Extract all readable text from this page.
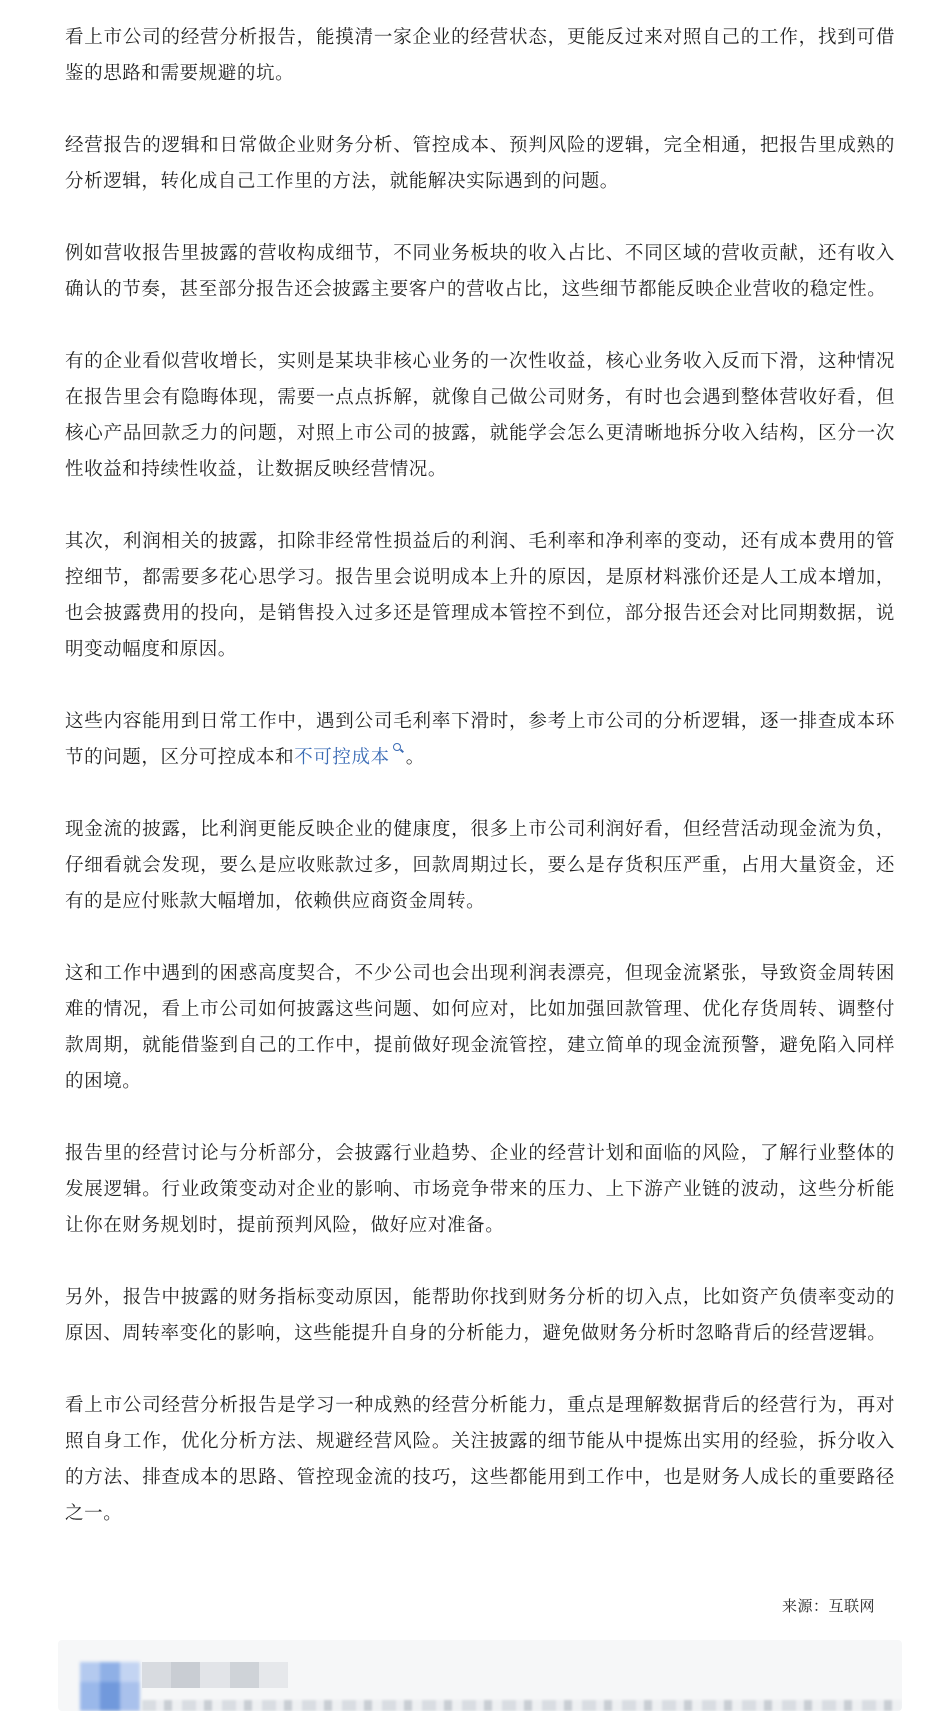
看上市公司的经营分析报告，能摸清一家企业的经营状态，更能反过来对照自己的工作，找到可借鉴的思路和需要规避的坑。

经营报告的逻辑和日常做企业财务分析、管控成本、预判风险的逻辑，完全相通，把报告里成熟的分析逻辑，转化成自己工作里的方法，就能解决实际遇到的问题。

例如营收报告里披露的营收构成细节，不同业务板块的收入占比、不同区域的营收贡献，还有收入确认的节奏，甚至部分报告还会披露主要客户的营收占比，这些细节都能反映企业营收的稳定性。

有的企业看似营收增长，实则是某块非核心业务的一次性收益，核心业务收入反而下滑，这种情况在报告里会有隐晦体现，需要一点点拆解，就像自己做公司财务，有时也会遇到整体营收好看，但核心产品回款乏力的问题，对照上市公司的披露，就能学会怎么更清晰地拆分收入结构，区分一次性收益和持续性收益，让数据反映经营情况。

其次，利润相关的披露，扣除非经常性损益后的利润、毛利率和净利率的变动，还有成本费用的管控细节，都需要多花心思学习。报告里会说明成本上升的原因，是原材料涨价还是人工成本增加，也会披露费用的投向，是销售投入过多还是管理成本管控不到位，部分报告还会对比同期数据，说明变动幅度和原因。

这些内容能用到日常工作中，遇到公司毛利率下滑时，参考上市公司的分析逻辑，逐一排查成本环节的问题，区分可控成本和不可控成本 。

现金流的披露，比利润更能反映企业的健康度，很多上市公司利润好看，但经营活动现金流为负，仔细看就会发现，要么是应收账款过多，回款周期过长，要么是存货积压严重，占用大量资金，还有的是应付账款大幅增加，依赖供应商资金周转。

这和工作中遇到的困惑高度契合，不少公司也会出现利润表漂亮，但现金流紧张，导致资金周转困难的情况，看上市公司如何披露这些问题、如何应对，比如加强回款管理、优化存货周转、调整付款周期，就能借鉴到自己的工作中，提前做好现金流管控，建立简单的现金流预警，避免陷入同样的困境。

报告里的经营讨论与分析部分，会披露行业趋势、企业的经营计划和面临的风险，了解行业整体的发展逻辑。行业政策变动对企业的影响、市场竞争带来的压力、上下游产业链的波动，这些分析能让你在财务规划时，提前预判风险，做好应对准备。

另外，报告中披露的财务指标变动原因，能帮助你找到财务分析的切入点，比如资产负债率变动的原因、周转率变化的影响，这些能提升自身的分析能力，避免做财务分析时忽略背后的经营逻辑。

看上市公司经营分析报告是学习一种成熟的经营分析能力，重点是理解数据背后的经营行为，再对照自身工作，优化分析方法、规避经营风险。关注披露的细节能从中提炼出实用的经验，拆分收入的方法、排查成本的思路、管控现金流的技巧，这些都能用到工作中，也是财务人成长的重要路径之一。

来源：互联网
